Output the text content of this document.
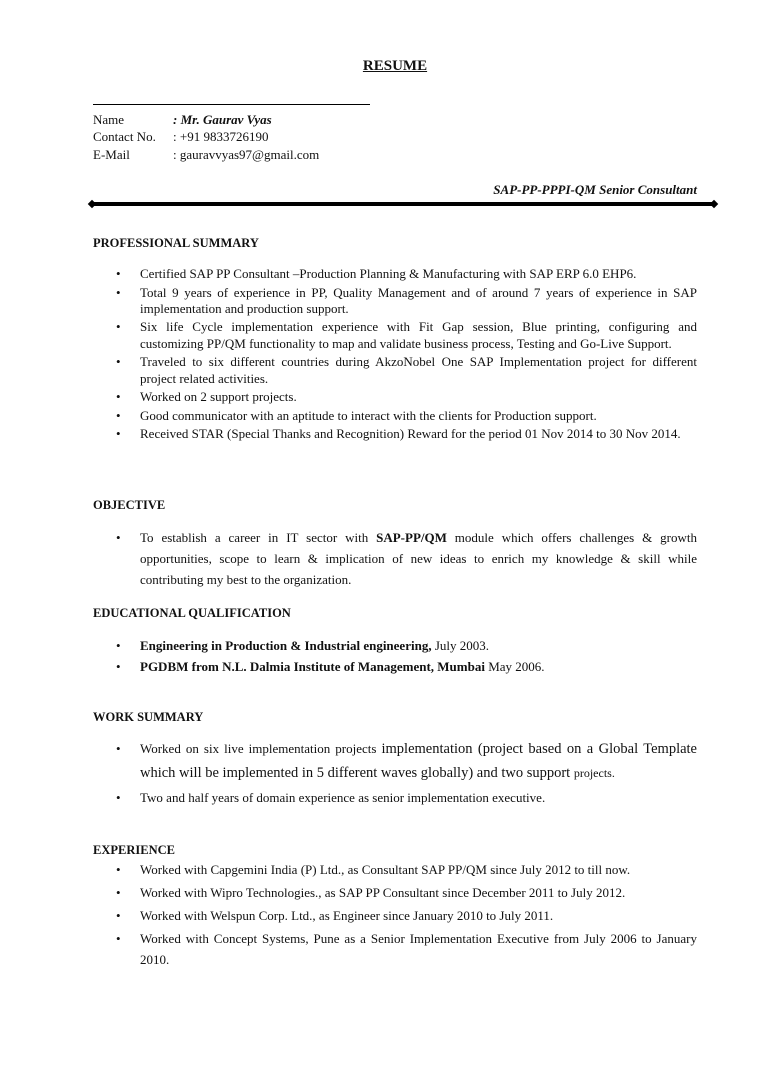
RESUME
Name	: Mr. Gaurav Vyas
Contact No. : +91 9833726190
E-Mail	: gauravvyas97@gmail.com
SAP-PP-PPPI-QM Senior Consultant
PROFESSIONAL SUMMARY
• Certified SAP PP Consultant –Production Planning & Manufacturing with SAP ERP 6.0 EHP6.
• Total 9 years of experience in PP, Quality Management and of around 7 years of experience in SAP implementation and production support.
• Six life Cycle implementation experience with Fit Gap session, Blue printing, configuring and customizing PP/QM functionality to map and validate business process, Testing and Go-Live Support.
• Traveled to six different countries during AkzoNobel One SAP Implementation project for different project related activities.
• Worked on 2 support projects.
• Good communicator with an aptitude to interact with the clients for Production support.
• Received STAR (Special Thanks and Recognition) Reward for the period 01 Nov 2014 to 30 Nov 2014.
OBJECTIVE
• To establish a career in IT sector with SAP-PP/QM module which offers challenges & growth opportunities, scope to learn & implication of new ideas to enrich my knowledge & skill while contributing my best to the organization.
EDUCATIONAL QUALIFICATION
• Engineering in Production & Industrial engineering, July 2003.
• PGDBM from N.L. Dalmia Institute of Management, Mumbai May 2006.
WORK SUMMARY
• Worked on six live implementation projects implementation (project based on a Global Template which will be implemented in 5 different waves globally) and two support projects.
• Two and half years of domain experience as senior implementation executive.
EXPERIENCE
• Worked with Capgemini India (P) Ltd., as Consultant SAP PP/QM since July 2012 to till now.
• Worked with Wipro Technologies., as SAP PP Consultant since December 2011 to July 2012.
• Worked with Welspun Corp. Ltd., as Engineer since January 2010 to July 2011.
• Worked with Concept Systems, Pune as a Senior Implementation Executive from July 2006 to January 2010.
